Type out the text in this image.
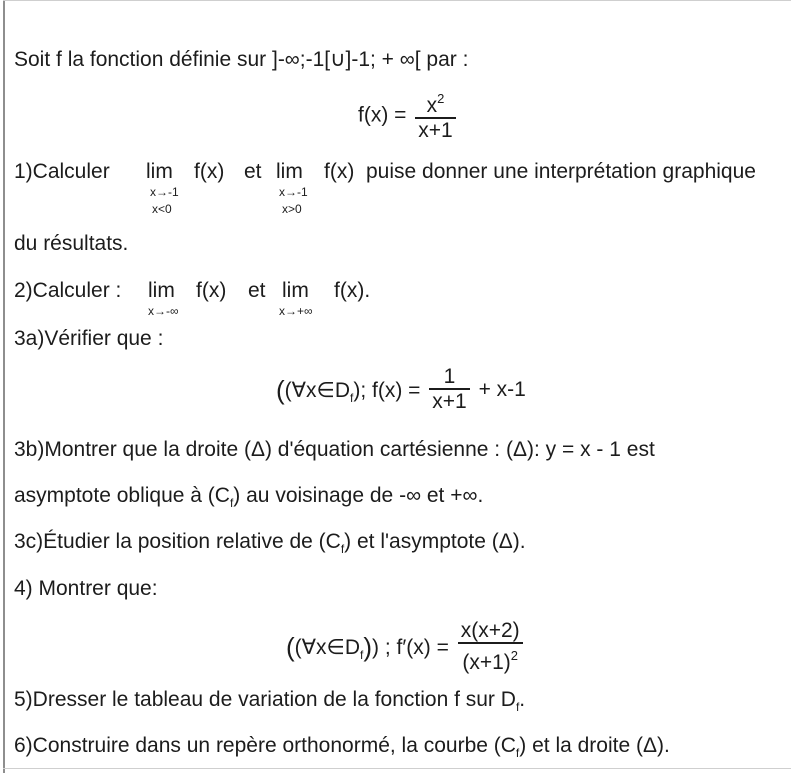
Soit f la fonction définie sur ]-∞;-1[∪]-1; + ∞[ par :
$f(x) = \frac{x^2}{x+1}$
1)Calculer lim
x→-1
x<0
f(x) et lim
x→-1
x>0
f(x) puise donner une interprétation graphique
du résultats.
2)Calculer : lim
x→-∞
f(x) et lim
x→+∞
f(x).
3a)Vérifier que :
($(\forall x\in D_f)$; $f(x) = \frac{1}{x+1} + x-1$
3b)Montrer que la droite (Δ) d'équation cartésienne : (Δ): y = x - 1 est
asymptote oblique à $(C_f)$ au voisinage de -∞ et +∞.
3c)Étudier la position relative de $(C_f)$ et l'asymptote (Δ).
4) Montrer que:
$((\forall x\in D_f))$ ; $f'(x) = \frac{x(x+2)}{(x+1)^2}$
5)Dresser le tableau de variation de la fonction f sur $D_f$.
6)Construire dans un repère orthonormé, la courbe $(C_f)$ et la droite (Δ).
